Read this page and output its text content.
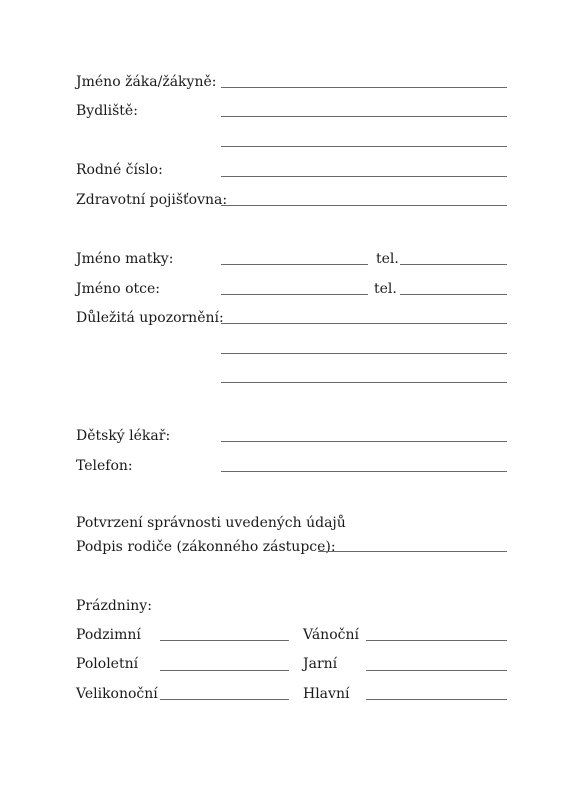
Jméno žáka/žákyně:
Bydliště:
Rodné číslo:
Zdravotní pojišťovna:
Jméno matky:	tel.
Jméno otce:	tel.
Důležitá upozornění:
Dětský lékař:
Telefon:
Potvrzení správnosti uvedených údajů
Podpis rodiče (zákonného zástupce):
Prázdniny:
Podzimní	Vánoční
Pololetní	Jarní
Velikonoční	Hlavní
